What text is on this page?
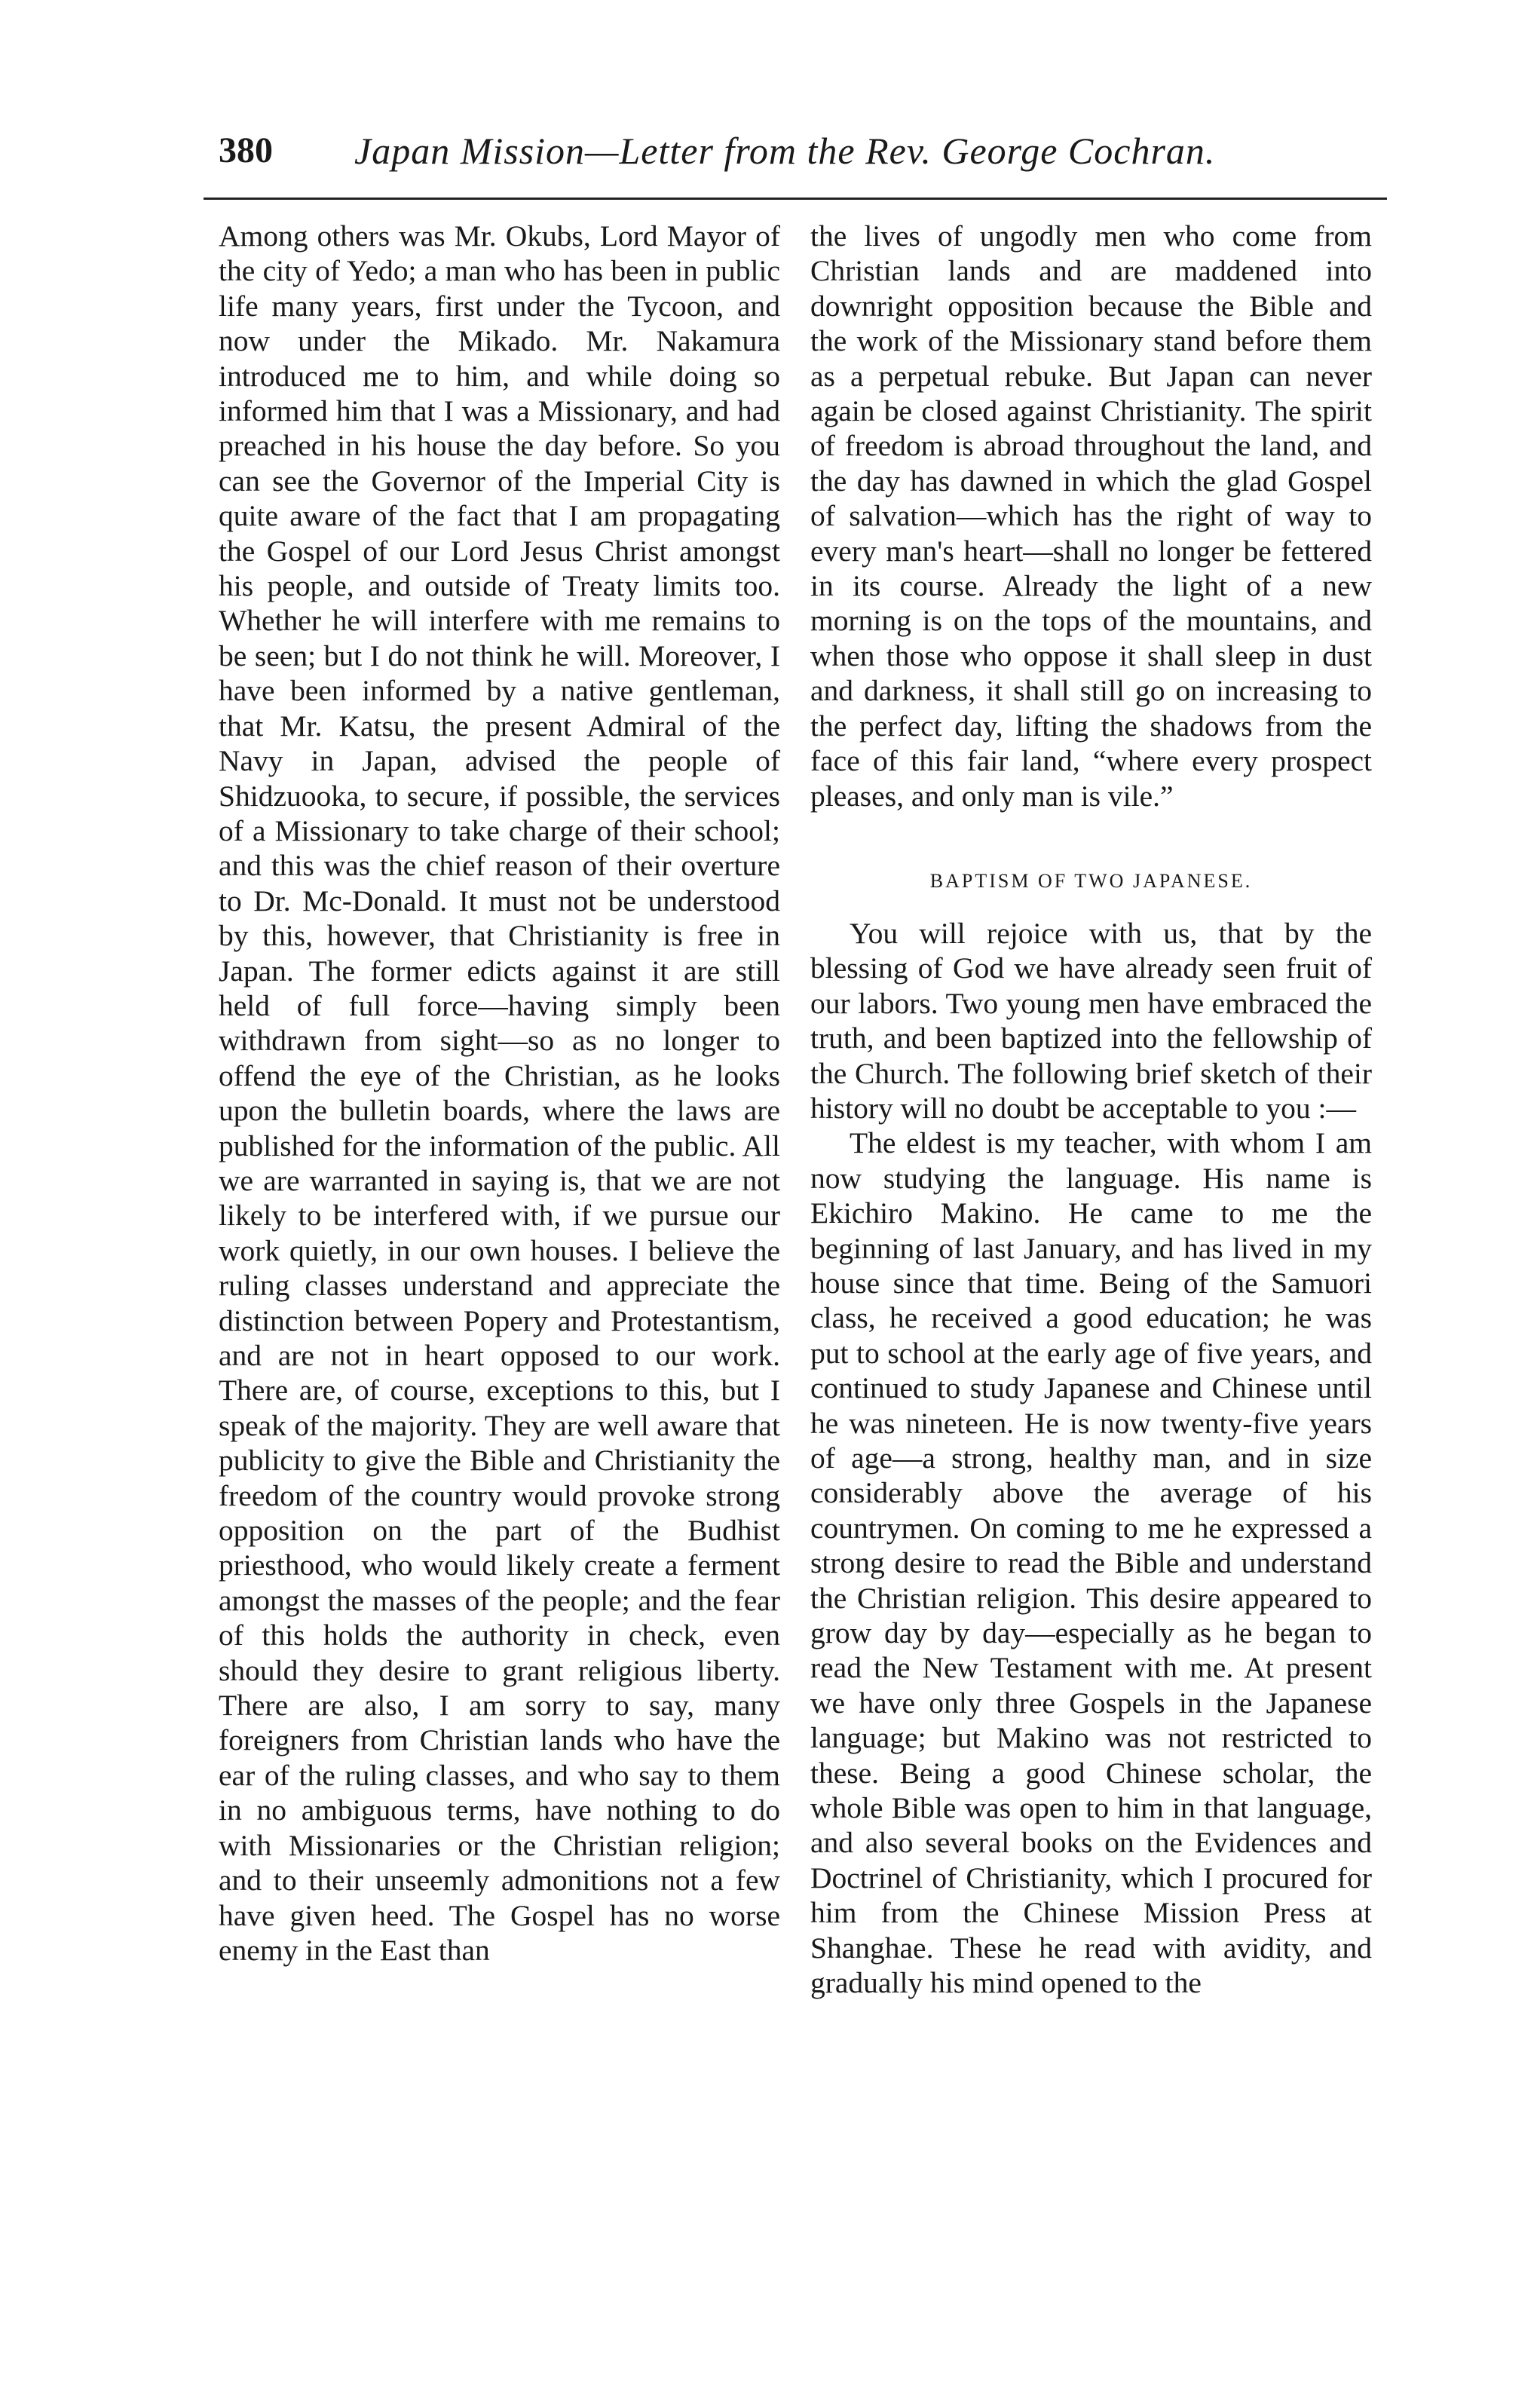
380 Japan Mission—Letter from the Rev. George Cochran.

Among others was Mr. Okubs, Lord Mayor of the city of Yedo; a man who has been in public life many years, first under the Tycoon, and now under the Mikado. Mr. Nakamura introduced me to him, and while doing so informed him that I was a Missionary, and had preached in his house the day before. So you can see the Governor of the Imperial City is quite aware of the fact that I am propagating the Gospel of our Lord Jesus Christ amongst his people, and outside of Treaty limits too. Whether he will interfere with me remains to be seen; but I do not think he will. Moreover, I have been informed by a native gentleman, that Mr. Katsu, the present Admiral of the Navy in Japan, advised the people of Shidzuooka, to secure, if possible, the services of a Missionary to take charge of their school; and this was the chief reason of their overture to Dr. Mc-Donald. It must not be understood by this, however, that Christianity is free in Japan. The former edicts against it are still held of full force—having simply been withdrawn from sight—so as no longer to offend the eye of the Christian, as he looks upon the bulletin boards, where the laws are published for the information of the public. All we are warranted in saying is, that we are not likely to be interfered with, if we pursue our work quietly, in our own houses. I believe the ruling classes understand and appreciate the distinction between Popery and Protestantism, and are not in heart opposed to our work. There are, of course, exceptions to this, but I speak of the majority. They are well aware that publicity to give the Bible and Christianity the freedom of the country would provoke strong opposition on the part of the Budhist priesthood, who would likely create a ferment amongst the masses of the people; and the fear of this holds the authority in check, even should they desire to grant religious liberty. There are also, I am sorry to say, many foreigners from Christian lands who have the ear of the ruling classes, and who say to them in no ambiguous terms, have nothing to do with Missionaries or the Christian religion; and to their unseemly admonitions not a few have given heed. The Gospel has no worse enemy in the East than

the lives of ungodly men who come from Christian lands and are maddened into downright opposition because the Bible and the work of the Missionary stand before them as a perpetual rebuke. But Japan can never again be closed against Christianity. The spirit of freedom is abroad throughout the land, and the day has dawned in which the glad Gospel of salvation—which has the right of way to every man's heart—shall no longer be fettered in its course. Already the light of a new morning is on the tops of the mountains, and when those who oppose it shall sleep in dust and darkness, it shall still go on increasing to the perfect day, lifting the shadows from the face of this fair land, “where every prospect pleases, and only man is vile.”

BAPTISM OF TWO JAPANESE.

You will rejoice with us, that by the blessing of God we have already seen fruit of our labors. Two young men have embraced the truth, and been baptized into the fellowship of the Church. The following brief sketch of their history will no doubt be acceptable to you :—

The eldest is my teacher, with whom I am now studying the language. His name is Ekichiro Makino. He came to me the beginning of last January, and has lived in my house since that time. Being of the Samuori class, he received a good education; he was put to school at the early age of five years, and continued to study Japanese and Chinese until he was nineteen. He is now twenty-five years of age—a strong, healthy man, and in size considerably above the average of his countrymen. On coming to me he expressed a strong desire to read the Bible and understand the Christian religion. This desire appeared to grow day by day—especially as he began to read the New Testament with me. At present we have only three Gospels in the Japanese language; but Makino was not restricted to these. Being a good Chinese scholar, the whole Bible was open to him in that language, and also several books on the Evidences and Doctrinel of Christianity, which I procured for him from the Chinese Mission Press at Shanghae. These he read with avidity, and gradually his mind opened to the
